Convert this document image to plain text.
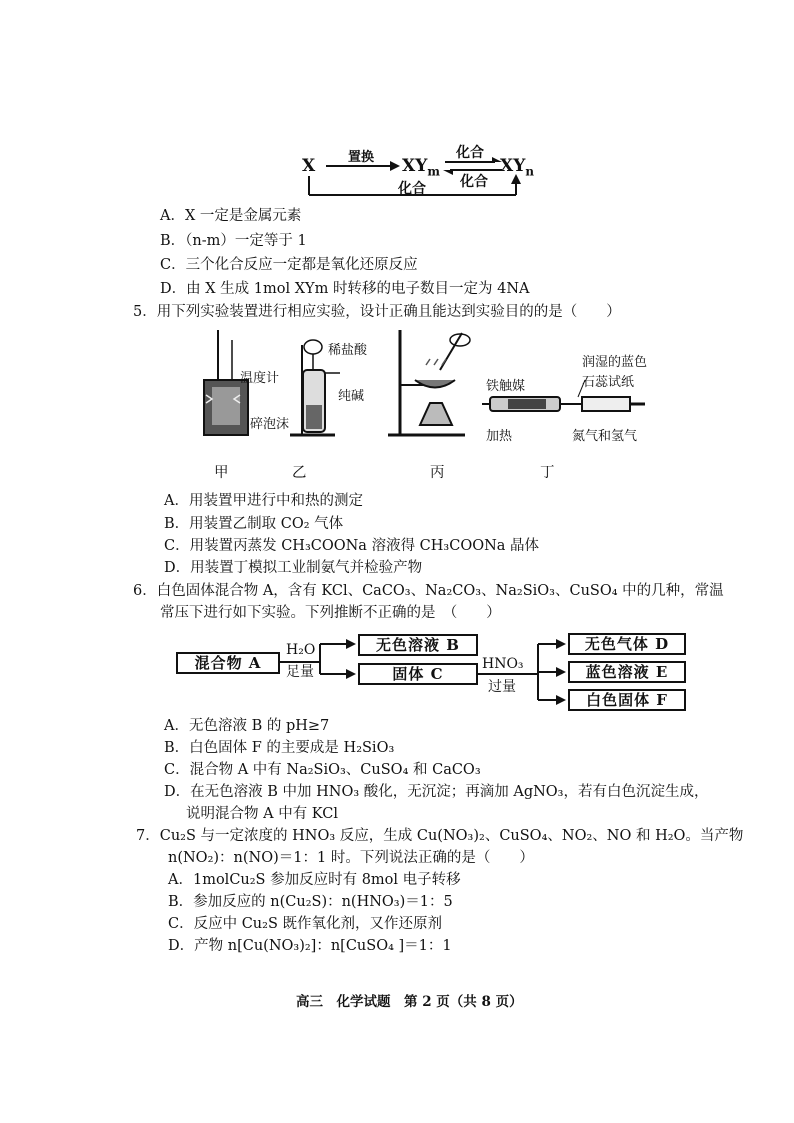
X	置换 $XY_m$
化合
化合
$XY_n$
化合
A．X 一定是金属元素
B．（n-m）一定等于 1
C．三个化合反应一定都是氧化还原反应
D．由 X 生成 1mol XYm 时转移的电子数目一定为 4NA
5．用下列实验装置进行相应实验，设计正确且能达到实验目的的是（　　）
温度计
碎泡沫
稀盐酸
纯碱
铁触媒
加热
润湿的蓝色
石蕊试纸
氮气和氢气
甲	乙	丙	丁
A．用装置甲进行中和热的测定
B．用装置乙制取 CO₂ 气体
C．用装置丙蒸发 CH₃COONa 溶液得 CH₃COONa 晶体
D．用装置丁模拟工业制氨气并检验产物
6．白色固体混合物 A，含有 KCl、CaCO₃、Na₂CO₃、Na₂SiO₃、CuSO₄ 中的几种，常温
常压下进行如下实验。下列推断不正确的是　（　　）
混合物 A
H₂O
足量
无色溶液 B
固体 C
HNO₃
过量
无色气体 D
蓝色溶液 E
白色固体 F
A．无色溶液 B 的 pH≥7
B．白色固体 F 的主要成是 H₂SiO₃
C．混合物 A 中有 Na₂SiO₃、CuSO₄ 和 CaCO₃
D．在无色溶液 B 中加 HNO₃ 酸化，无沉淀；再滴加 AgNO₃，若有白色沉淀生成，
说明混合物 A 中有 KCl
7．Cu₂S 与一定浓度的 HNO₃ 反应，生成 Cu(NO₃)₂、CuSO₄、NO₂、NO 和 H₂O。当产物
n(NO₂)：n(NO)＝1：1 时。下列说法正确的是（　　）
A．1molCu₂S 参加反应时有 8mol 电子转移
B．参加反应的 n(Cu₂S)：n(HNO₃)＝1：5
C．反应中 Cu₂S 既作氧化剂，又作还原剂
D．产物 n[Cu(NO₃)₂]：n[CuSO₄ ]＝1：1
高三　化学试题　第 2 页（共 8 页）
